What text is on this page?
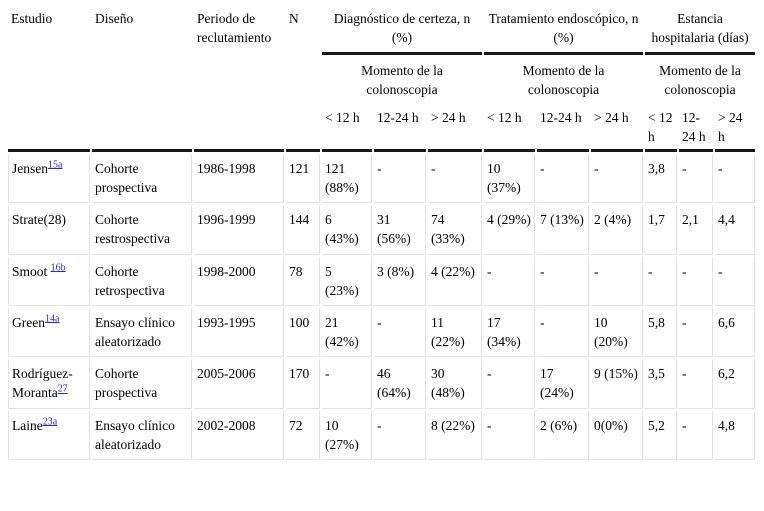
Estudio	Diseño	Periodo de reclutamiento	N	Diagnóstico de certeza, n (%)			Tratamiento endoscópico, n (%)			Estancia hospitalaria (días)		
				Momento de la colonoscopia			Momento de la colonoscopia			Momento de la colonoscopia		
				< 12 h	12-24 h	> 24 h	< 12 h	12-24 h	> 24 h	< 12 h	12-24 h	> 24 h
Jensen$^{15a}$	Cohorte prospectiva	1986-1998	121	121 (88%)	-	-	10 (37%)	-	-	3,8	-	-
Strate(28)	Cohorte restrospectiva	1996-1999	144	6 (43%)	31 (56%)	74 (33%)	4 (29%)	7 (13%)	2 (4%)	1,7	2,1	4,4
Smoot $^{16b}$	Cohorte retrospectiva	1998-2000	78	5 (23%)	3 (8%)	4 (22%)	-	-	-	-	-	-
Green$^{14a}$	Ensayo clínico aleatorizado	1993-1995	100	21 (42%)	-	11 (22%)	17 (34%)	-	10 (20%)	5,8	-	6,6
Rodríguez-Moranta$^{27}$	Cohorte prospectiva	2005-2006	170	-	46 (64%)	30 (48%)	-	17 (24%)	9 (15%)	3,5	-	6,2
Laine$^{23a}$	Ensayo clínico aleatorizado	2002-2008	72	10 (27%)	-	8 (22%)	-	2 (6%)	0(0%)	5,2	-	4,8
